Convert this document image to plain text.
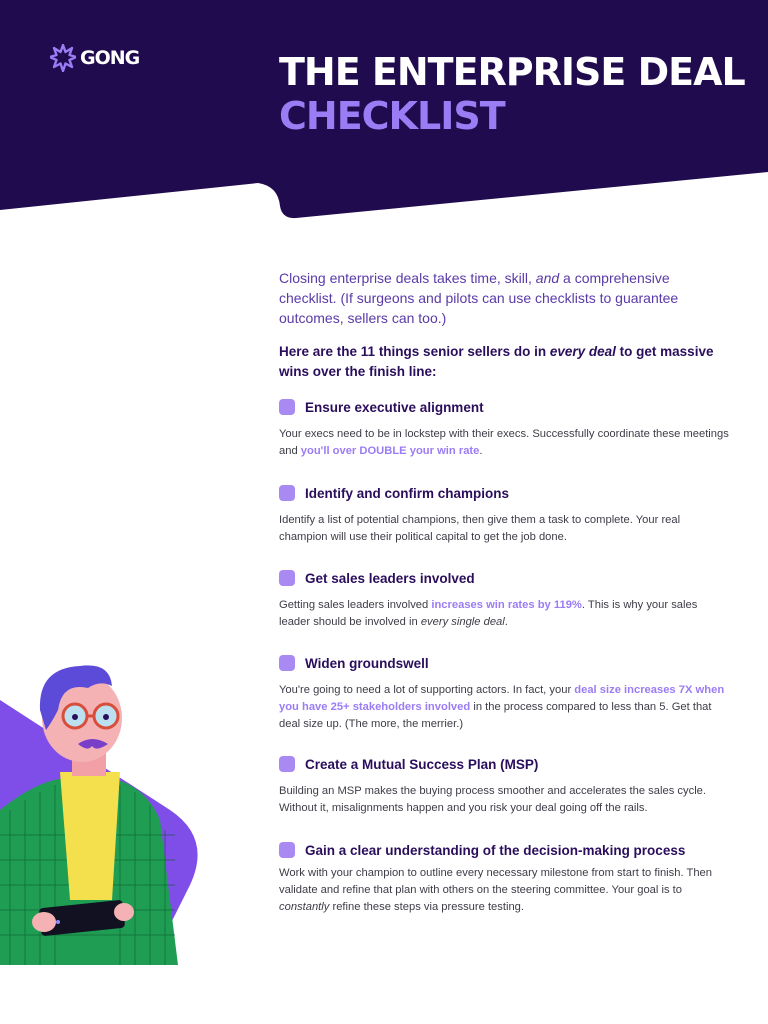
GONG	THE ENTERPRISE DEAL
CHECKLIST

Closing enterprise deals takes time, skill, and a comprehensive checklist. (If surgeons and pilots can use checklists to guarantee outcomes, sellers can too.)

Here are the 11 things senior sellers do in every deal to get massive wins over the finish line:

Ensure executive alignment

Your execs need to be in lockstep with their execs. Successfully coordinate these meetings and you'll over DOUBLE your win rate.

Identify and confirm champions

Identify a list of potential champions, then give them a task to complete. Your real champion will use their political capital to get the job done.

Get sales leaders involved

Getting sales leaders involved increases win rates by 119%. This is why your sales leader should be involved in every single deal.

Widen groundswell

You're going to need a lot of supporting actors. In fact, your deal size increases 7X when you have 25+ stakeholders involved in the process compared to less than 5. Get that deal size up. (The more, the merrier.)

Create a Mutual Success Plan (MSP)

Building an MSP makes the buying process smoother and accelerates the sales cycle. Without it, misalignments happen and you risk your deal going off the rails.

Gain a clear understanding of the decision-making process

Work with your champion to outline every necessary milestone from start to finish. Then validate and refine that plan with others on the steering committee. Your goal is to constantly refine these steps via pressure testing.
